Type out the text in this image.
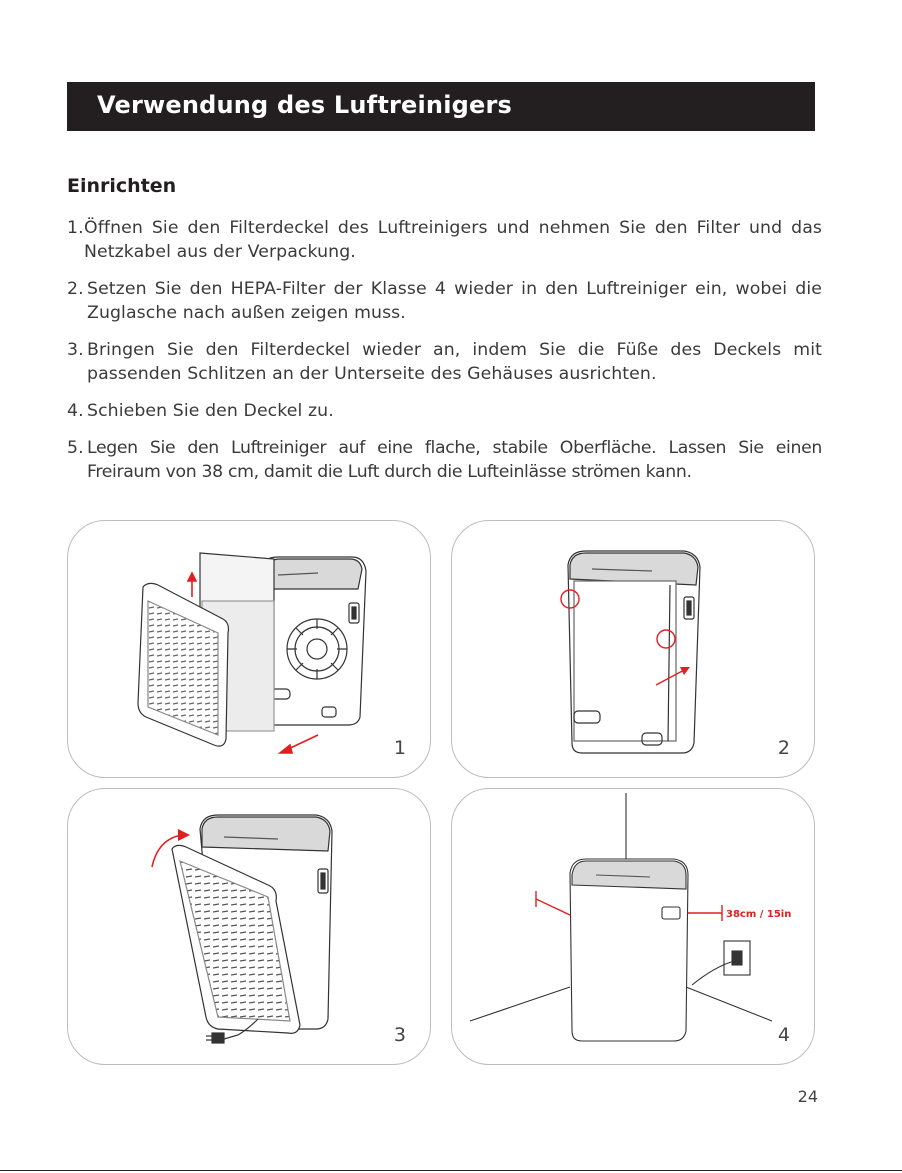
Verwendung des Luftreinigers
Einrichten
1. Öffnen Sie den Filterdeckel des Luftreinigers und nehmen Sie den Filter und das Netzkabel aus der Verpackung.
2. Setzen Sie den HEPA-Filter der Klasse 4 wieder in den Luftreiniger ein, wobei die Zuglasche nach außen zeigen muss.
3. Bringen Sie den Filterdeckel wieder an, indem Sie die Füße des Deckels mit passenden Schlitzen an der Unterseite des Gehäuses ausrichten.
4. Schieben Sie den Deckel zu.
5. Legen Sie den Luftreiniger auf eine flache, stabile Oberfläche. Lassen Sie einen Freiraum von 38 cm, damit die Luft durch die Lufteinlässe strömen kann.
1	2
3
38cm / 15in
4
24
